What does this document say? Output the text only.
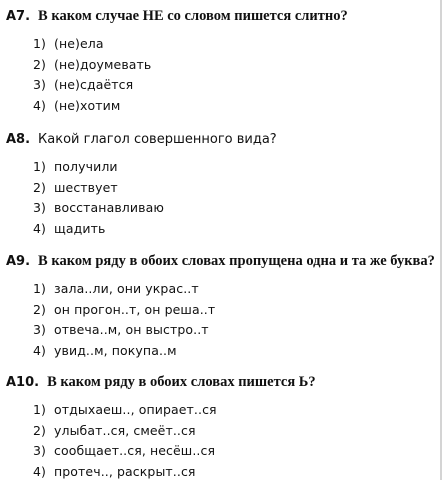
А7. В каком случае НЕ со словом пишется слитно?
1) (не)ела
2) (не)доумевать
3) (не)сдаётся
4) (не)хотим
А8. Какой глагол совершенного вида?
1) получили
2) шествует
3) восстанавливаю
4) щадить
А9. В каком ряду в обоих словах пропущена одна и та же буква?
1) зала..ли, они украс..т
2) он прогон..т, он реша..т
3) отвеча..м, он выстро..т
4) увид..м, покупа..м
А10. В каком ряду в обоих словах пишется Ь?
1) отдыхаеш.., опирает..ся
2) улыбат..ся, смеёт..ся
3) сообщает..ся, несёш..ся
4) протеч.., раскрыт..ся
